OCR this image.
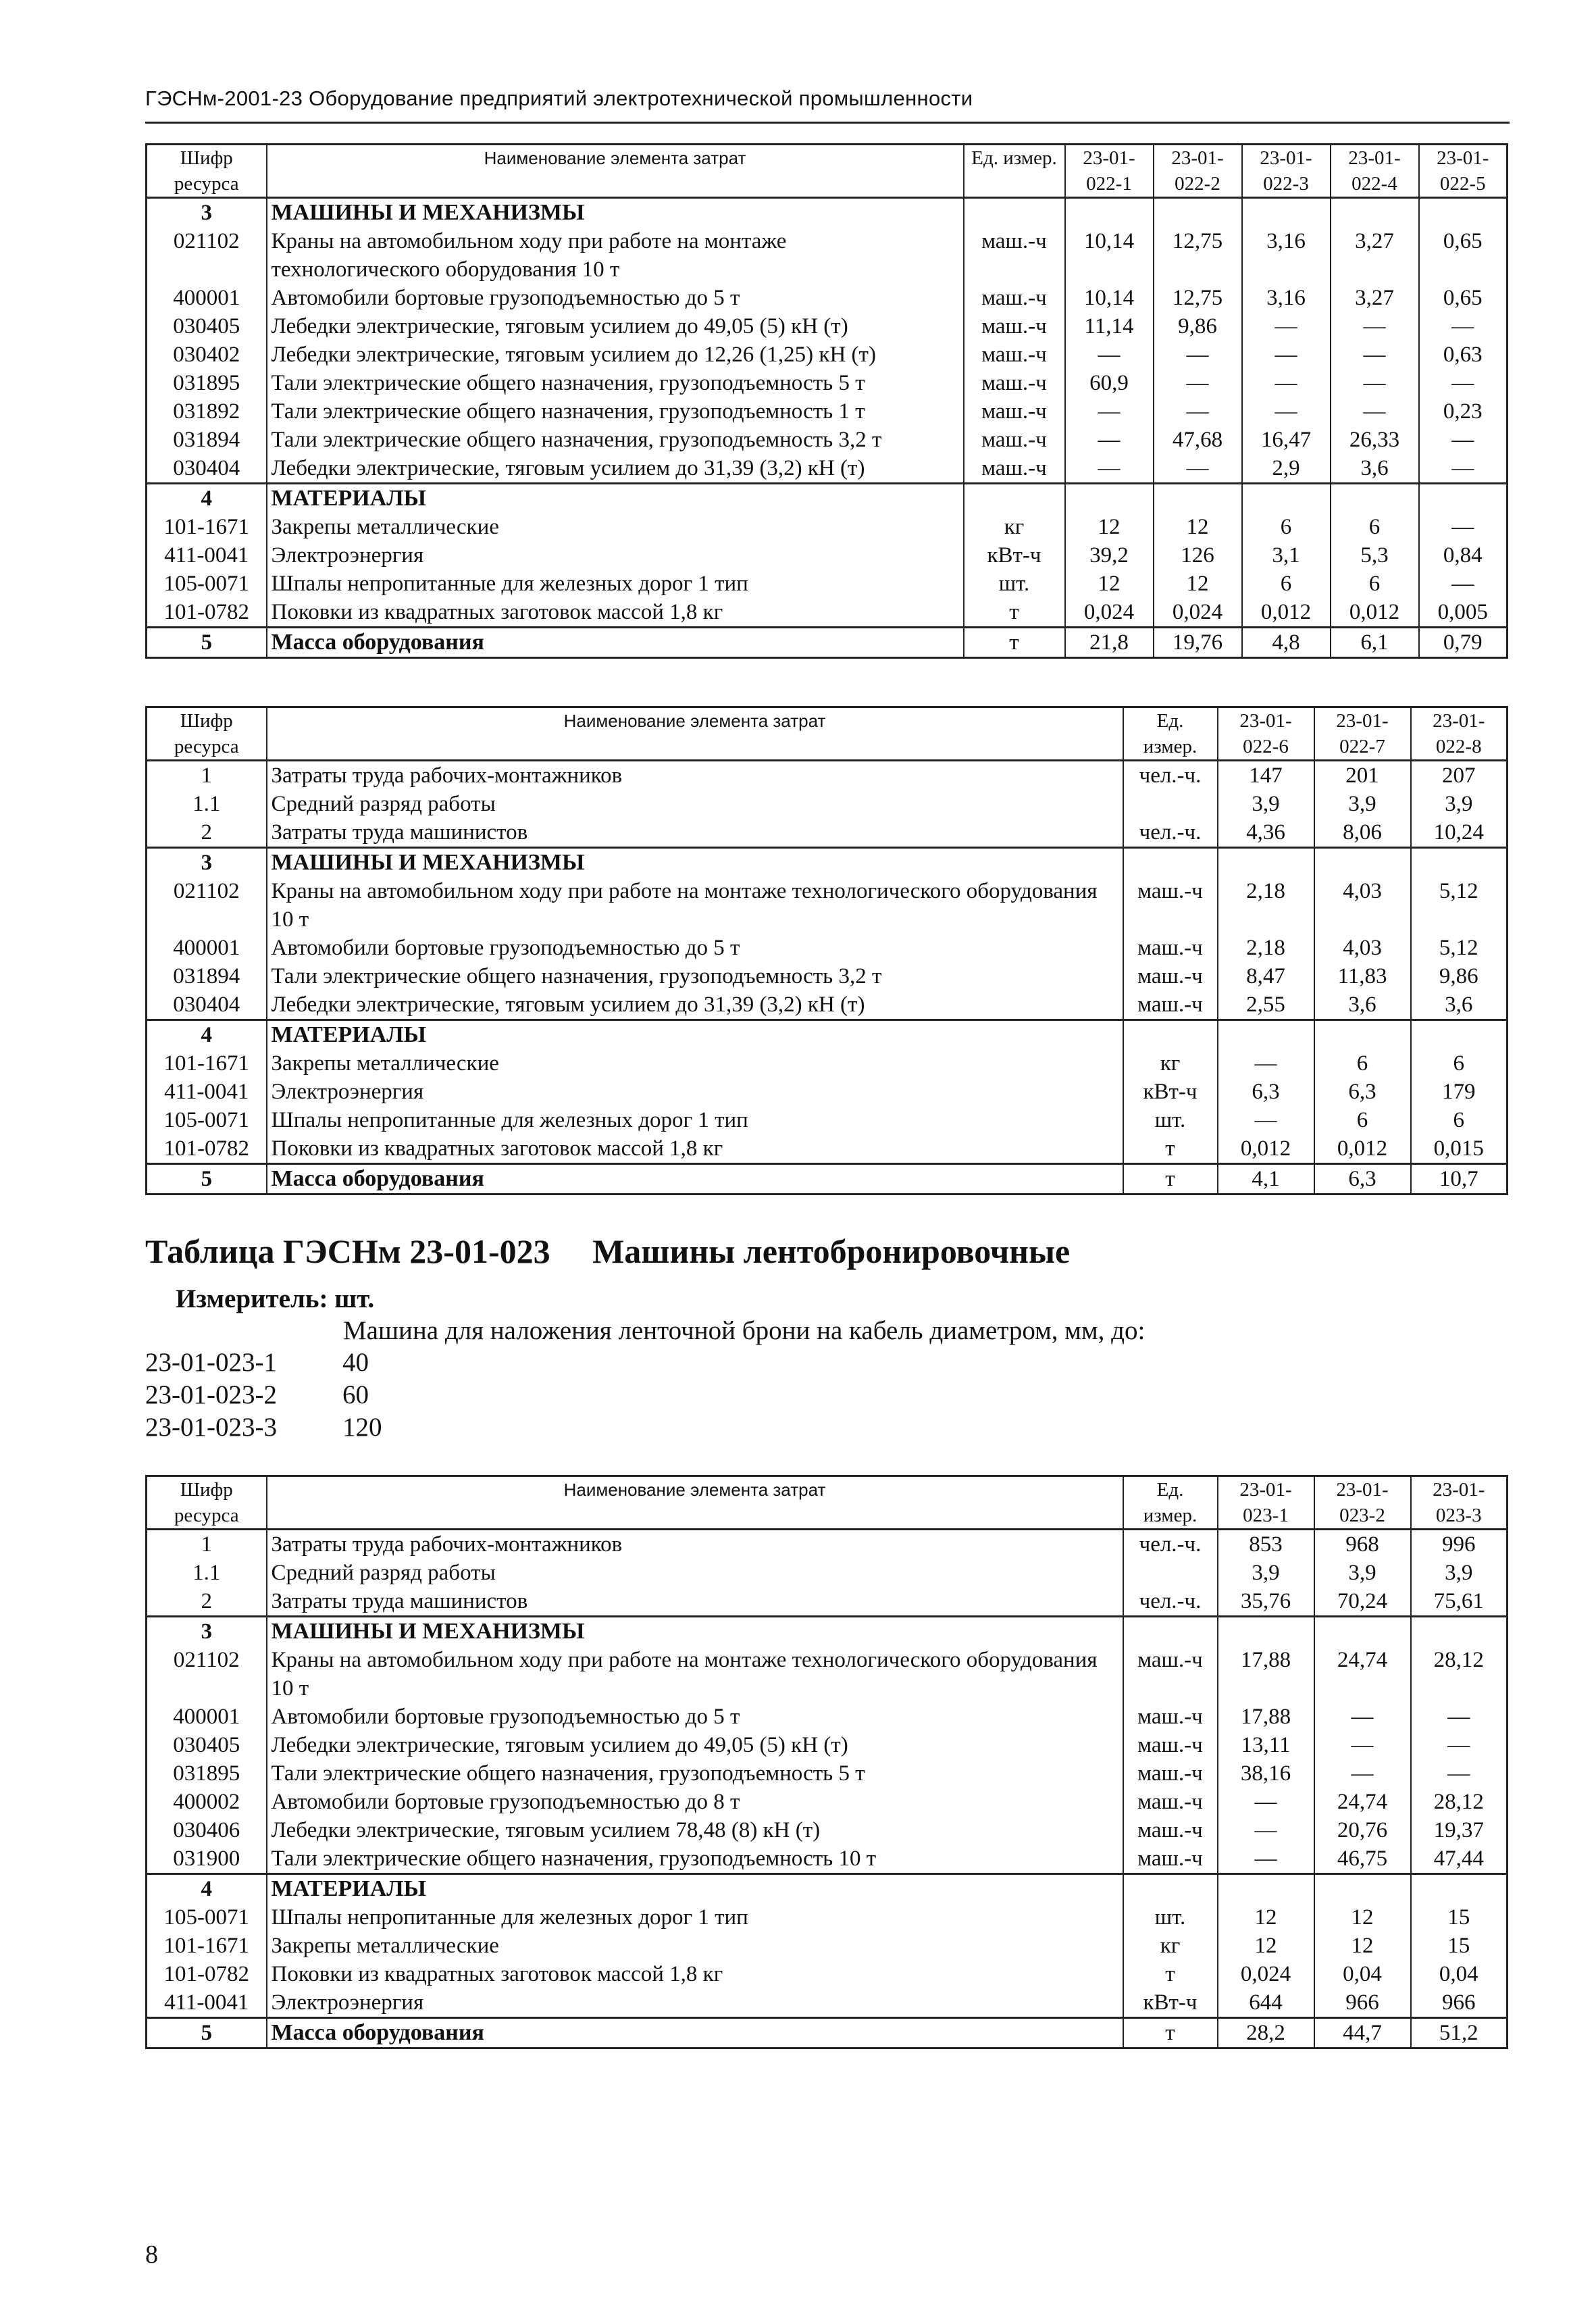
ГЭСНм-2001-23 Оборудование предприятий электротехнической промышленности
Шифр ресурса	Наименование элемента затрат	Ед. измер.	23-01-022-1	23-01-022-2	23-01-022-3	23-01-022-4	23-01-022-5
3	МАШИНЫ И МЕХАНИЗМЫ						
021102	Краны на автомобильном ходу при работе на монтаже технологического оборудования 10 т	маш.-ч	10,14	12,75	3,16	3,27	0,65
400001	Автомобили бортовые грузоподъемностью до 5 т	маш.-ч	10,14	12,75	3,16	3,27	0,65
030405	Лебедки электрические, тяговым усилием до 49,05 (5) кН (т)	маш.-ч	11,14	9,86	—	—	—
030402	Лебедки электрические, тяговым усилием до 12,26 (1,25) кН (т)	маш.-ч	—	—	—	—	0,63
031895	Тали электрические общего назначения, грузоподъемность 5 т	маш.-ч	60,9	—	—	—	—
031892	Тали электрические общего назначения, грузоподъемность 1 т	маш.-ч	—	—	—	—	0,23
031894	Тали электрические общего назначения, грузоподъемность 3,2 т	маш.-ч	—	47,68	16,47	26,33	—
030404	Лебедки электрические, тяговым усилием до 31,39 (3,2) кН (т)	маш.-ч	—	—	2,9	3,6	—
4	МАТЕРИАЛЫ						
101-1671	Закрепы металлические	кг	12	12	6	6	—
411-0041	Электроэнергия	кВт-ч	39,2	126	3,1	5,3	0,84
105-0071	Шпалы непропитанные для железных дорог 1 тип	шт.	12	12	6	6	—
101-0782	Поковки из квадратных заготовок массой 1,8 кг	т	0,024	0,024	0,012	0,012	0,005
5	Масса оборудования	т	21,8	19,76	4,8	6,1	0,79
Шифр ресурса	Наименование элемента затрат	Ед. измер.	23-01-022-6	23-01-022-7	23-01-022-8
1	Затраты труда рабочих-монтажников	чел.-ч.	147	201	207
1.1	Средний разряд работы		3,9	3,9	3,9
2	Затраты труда машинистов	чел.-ч.	4,36	8,06	10,24
3	МАШИНЫ И МЕХАНИЗМЫ				
021102	Краны на автомобильном ходу при работе на монтаже технологического оборудования 10 т	маш.-ч	2,18	4,03	5,12
400001	Автомобили бортовые грузоподъемностью до 5 т	маш.-ч	2,18	4,03	5,12
031894	Тали электрические общего назначения, грузоподъемность 3,2 т	маш.-ч	8,47	11,83	9,86
030404	Лебедки электрические, тяговым усилием до 31,39 (3,2) кН (т)	маш.-ч	2,55	3,6	3,6
4	МАТЕРИАЛЫ				
101-1671	Закрепы металлические	кг	—	6	6
411-0041	Электроэнергия	кВт-ч	6,3	6,3	179
105-0071	Шпалы непропитанные для железных дорог 1 тип	шт.	—	6	6
101-0782	Поковки из квадратных заготовок массой 1,8 кг	т	0,012	0,012	0,015
5	Масса оборудования	т	4,1	6,3	10,7
Таблица ГЭСНм 23-01-023     Машины лентобронировочные
Измеритель: шт.
Машина для наложения ленточной брони на кабель диаметром, мм, до:
23-01-023-1	40
23-01-023-2	60
23-01-023-3	120
Шифр ресурса	Наименование элемента затрат	Ед. измер.	23-01-023-1	23-01-023-2	23-01-023-3
1	Затраты труда рабочих-монтажников	чел.-ч.	853	968	996
1.1	Средний разряд работы		3,9	3,9	3,9
2	Затраты труда машинистов	чел.-ч.	35,76	70,24	75,61
3	МАШИНЫ И МЕХАНИЗМЫ				
021102	Краны на автомобильном ходу при работе на монтаже технологического оборудования 10 т	маш.-ч	17,88	24,74	28,12
400001	Автомобили бортовые грузоподъемностью до 5 т	маш.-ч	17,88	—	—
030405	Лебедки электрические, тяговым усилием до 49,05 (5) кН (т)	маш.-ч	13,11	—	—
031895	Тали электрические общего назначения, грузоподъемность 5 т	маш.-ч	38,16	—	—
400002	Автомобили бортовые грузоподъемностью до 8 т	маш.-ч	—	24,74	28,12
030406	Лебедки электрические, тяговым усилием 78,48 (8) кН (т)	маш.-ч	—	20,76	19,37
031900	Тали электрические общего назначения, грузоподъемность 10 т	маш.-ч	—	46,75	47,44
4	МАТЕРИАЛЫ				
105-0071	Шпалы непропитанные для железных дорог 1 тип	шт.	12	12	15
101-1671	Закрепы металлические	кг	12	12	15
101-0782	Поковки из квадратных заготовок массой 1,8 кг	т	0,024	0,04	0,04
411-0041	Электроэнергия	кВт-ч	644	966	966
5	Масса оборудования	т	28,2	44,7	51,2
8
